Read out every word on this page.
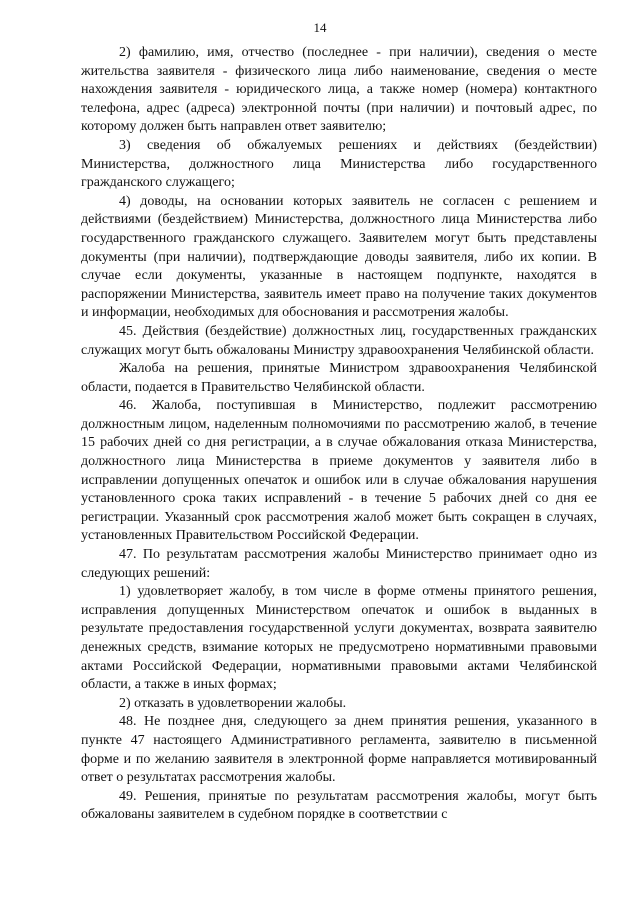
14

2) фамилию, имя, отчество (последнее - при наличии), сведения о месте жительства заявителя - физического лица либо наименование, сведения о месте нахождения заявителя - юридического лица, а также номер (номера) контактного телефона, адрес (адреса) электронной почты (при наличии) и почтовый адрес, по которому должен быть направлен ответ заявителю;

3) сведения об обжалуемых решениях и действиях (бездействии) Министерства, должностного лица Министерства либо государственного гражданского служащего;

4) доводы, на основании которых заявитель не согласен с решением и действиями (бездействием) Министерства, должностного лица Министерства либо государственного гражданского служащего. Заявителем могут быть представлены документы (при наличии), подтверждающие доводы заявителя, либо их копии. В случае если документы, указанные в настоящем подпункте, находятся в распоряжении Министерства, заявитель имеет право на получение таких документов и информации, необходимых для обоснования и рассмотрения жалобы.

45. Действия (бездействие) должностных лиц, государственных гражданских служащих могут быть обжалованы Министру здравоохранения Челябинской области.

Жалоба на решения, принятые Министром здравоохранения Челябинской области, подается в Правительство Челябинской области.

46. Жалоба, поступившая в Министерство, подлежит рассмотрению должностным лицом, наделенным полномочиями по рассмотрению жалоб, в течение 15 рабочих дней со дня регистрации, а в случае обжалования отказа Министерства, должностного лица Министерства в приеме документов у заявителя либо в исправлении допущенных опечаток и ошибок или в случае обжалования нарушения установленного срока таких исправлений - в течение 5 рабочих дней со дня ее регистрации. Указанный срок рассмотрения жалоб может быть сокращен в случаях, установленных Правительством Российской Федерации.

47. По результатам рассмотрения жалобы Министерство принимает одно из следующих решений:

1) удовлетворяет жалобу, в том числе в форме отмены принятого решения, исправления допущенных Министерством опечаток и ошибок в выданных в результате предоставления государственной услуги документах, возврата заявителю денежных средств, взимание которых не предусмотрено нормативными правовыми актами Российской Федерации, нормативными правовыми актами Челябинской области, а также в иных формах;

2) отказать в удовлетворении жалобы.

48. Не позднее дня, следующего за днем принятия решения, указанного в пункте 47 настоящего Административного регламента, заявителю в письменной форме и по желанию заявителя в электронной форме направляется мотивированный ответ о результатах рассмотрения жалобы.

49. Решения, принятые по результатам рассмотрения жалобы, могут быть обжалованы заявителем в судебном порядке в соответствии с
